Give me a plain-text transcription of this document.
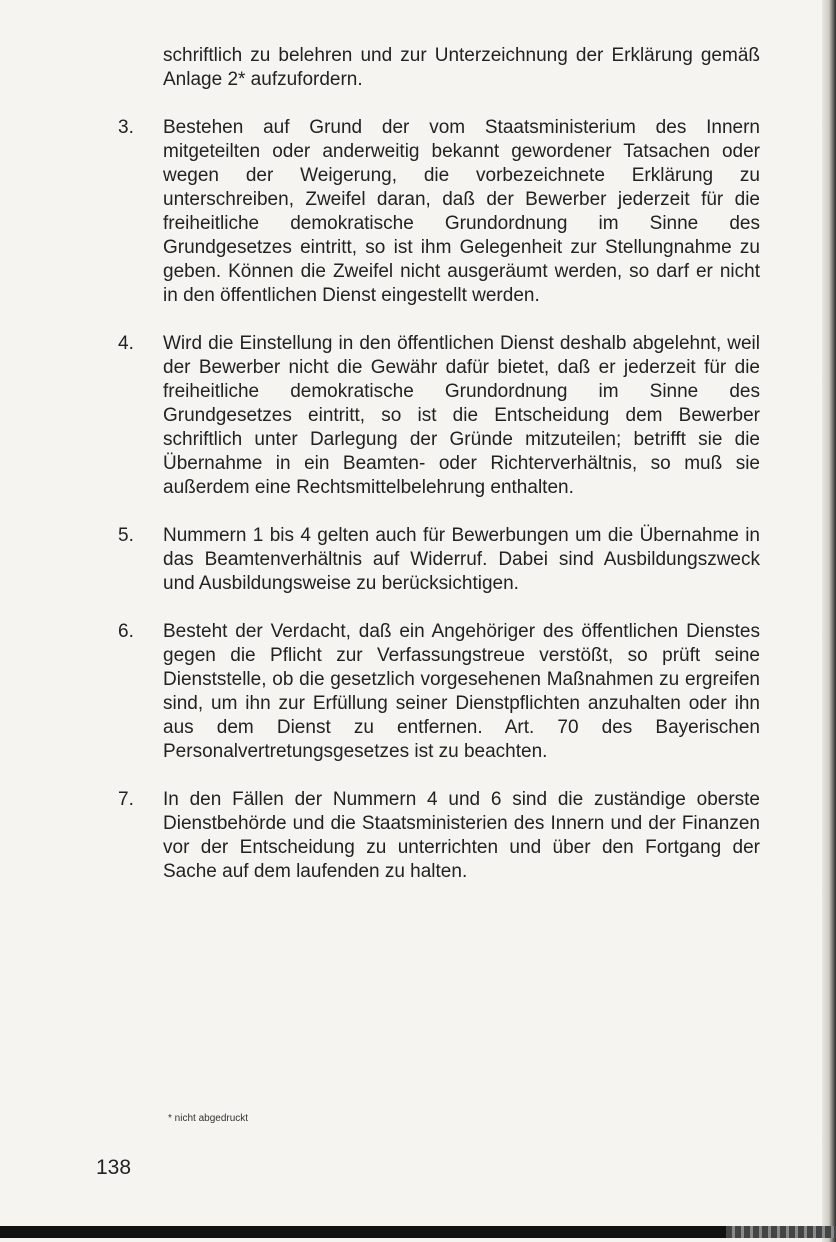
schriftlich zu belehren und zur Unterzeichnung der Erklärung gemäß Anlage 2* aufzufordern.

3.	Bestehen auf Grund der vom Staatsministerium des Innern mitgeteilten oder anderweitig bekannt gewordener Tatsachen oder wegen der Weigerung, die vorbezeichnete Erklärung zu unterschreiben, Zweifel daran, daß der Bewerber jederzeit für die freiheitliche demokratische Grundordnung im Sinne des Grundgesetzes eintritt, so ist ihm Gelegenheit zur Stellungnahme zu geben. Können die Zweifel nicht ausgeräumt werden, so darf er nicht in den öffentlichen Dienst eingestellt werden.

4.	Wird die Einstellung in den öffentlichen Dienst deshalb abgelehnt, weil der Bewerber nicht die Gewähr dafür bietet, daß er jederzeit für die freiheitliche demokratische Grundordnung im Sinne des Grundgesetzes eintritt, so ist die Entscheidung dem Bewerber schriftlich unter Darlegung der Gründe mitzuteilen; betrifft sie die Übernahme in ein Beamten- oder Richterverhältnis, so muß sie außerdem eine Rechtsmittelbelehrung enthalten.

5.	Nummern 1 bis 4 gelten auch für Bewerbungen um die Übernahme in das Beamtenverhältnis auf Widerruf. Dabei sind Ausbildungszweck und Ausbildungsweise zu berücksichtigen.

6.	Besteht der Verdacht, daß ein Angehöriger des öffentlichen Dienstes gegen die Pflicht zur Verfassungstreue verstößt, so prüft seine Dienststelle, ob die gesetzlich vorgesehenen Maßnahmen zu ergreifen sind, um ihn zur Erfüllung seiner Dienstpflichten anzuhalten oder ihn aus dem Dienst zu entfernen. Art. 70 des Bayerischen Personalvertretungsgesetzes ist zu beachten.

7.	In den Fällen der Nummern 4 und 6 sind die zuständige oberste Dienstbehörde und die Staatsministerien des Innern und der Finanzen vor der Entscheidung zu unterrichten und über den Fortgang der Sache auf dem laufenden zu halten.

* nicht abgedruckt
138
